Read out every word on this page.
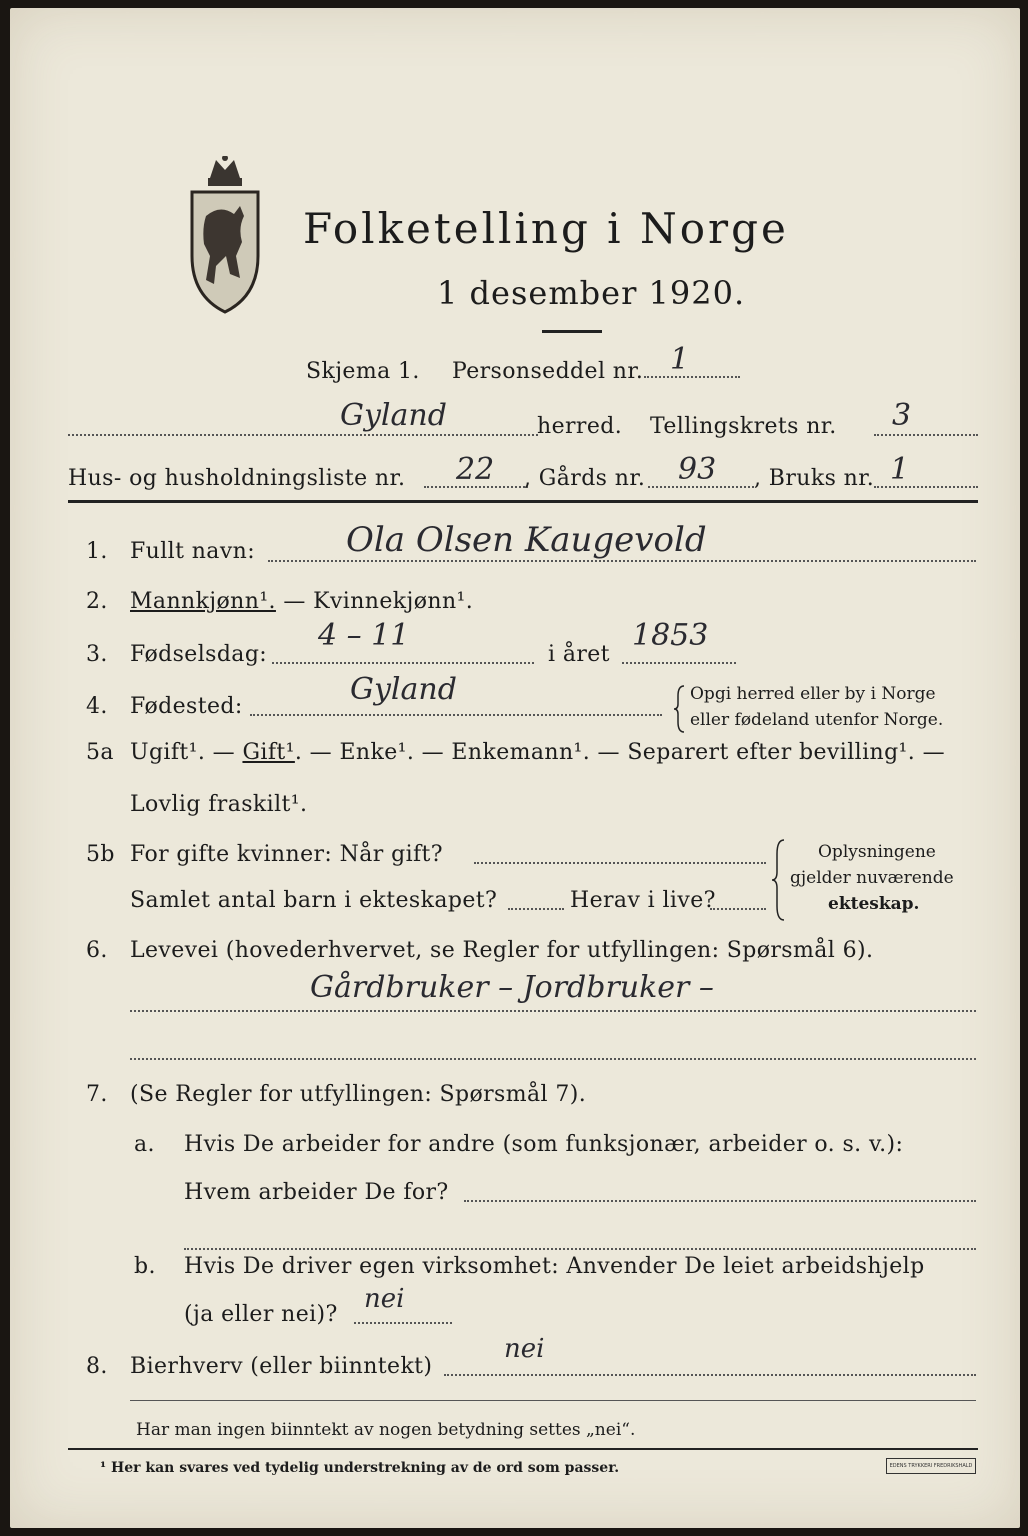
Folketelling i Norge
1 desember 1920.
Skjema 1. Personseddel nr. 1
Gyland	herred. Tellingskrets nr. 3
Hus- og husholdningsliste nr. 22 , Gårds nr. 93 , Bruks nr. 1
1. Fullt navn:	Ola Olsen Kaugevold
2. Mannkjønn¹. — Kvinnekjønn¹.
3. Fødselsdag:
4 – 11
i året
1853
4. Fødested:	Gyland	Opgi herred eller by i Norge
eller fødeland utenfor Norge.
5a Ugift¹. — Gift¹. — Enke¹. — Enkemann¹. — Separert efter bevilling¹. —
Lovlig fraskilt¹.
5b For gifte kvinner: Når gift?
Samlet antal barn i ekteskapet?	Herav i live?
Oplysningene
gjelder nuværende
ekteskap.
6. Levevei (hovederhvervet, se Regler for utfyllingen: Spørsmål 6).
Gårdbruker – Jordbruker –
7. (Se Regler for utfyllingen: Spørsmål 7).
a. Hvis De arbeider for andre (som funksjonær, arbeider o. s. v.):
Hvem arbeider De for?
b. Hvis De driver egen virksomhet: Anvender De leiet arbeidshjelp
(ja eller nei)?
nei
8. Bierhverv (eller biinntekt)
nei
Har man ingen biinntekt av nogen betydning settes „nei“.
¹ Her kan svares ved tydelig understrekning av de ord som passer.	EDENS TRYKKERI FREDRIKSHALD
